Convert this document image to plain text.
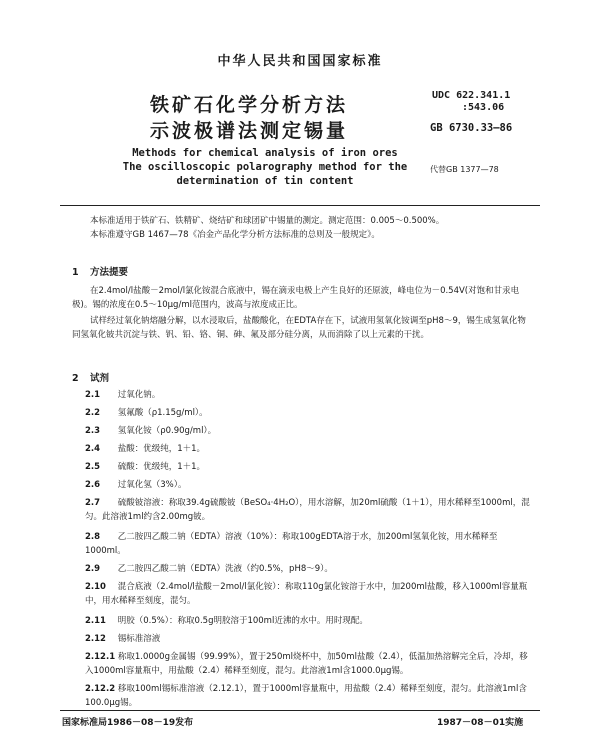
中华人民共和国国家标准
铁矿石化学分析方法
示波极谱法测定锡量
UDC 622.341.1
:543.06
GB 6730.33—86
Methods for chemical analysis of iron ores
The oscilloscopic polarography method for the
determination of tin content
代替GB 1377—78
本标准适用于铁矿石、铁精矿、烧结矿和球团矿中锡量的测定。测定范围：0.005～0.500%。
本标准遵守GB 1467—78《冶金产品化学分析方法标准的总则及一般规定》。
1 方法提要
在2.4mol/l盐酸－2mol/l氯化铵混合底液中，锡在滴汞电极上产生良好的还原波，峰电位为－0.54V(对饱和甘汞电极)。锡的浓度在0.5～10μg/ml范围内，波高与浓度成正比。
试样经过氧化钠熔融分解，以水浸取后，盐酸酸化，在EDTA存在下，试液用氢氧化铵调至pH8～9，锡生成氢氧化物同氢氧化铍共沉淀与铁、钒、铅、铬、铜、砷、氟及部分硅分离，从而消除了以上元素的干扰。
2 试剂
2.1 过氧化钠。
2.2 氢氟酸（ρ1.15g/ml）。
2.3 氢氧化铵（ρ0.90g/ml）。
2.4 盐酸：优级纯，1＋1。
2.5 硫酸：优级纯，1＋1。
2.6 过氧化氢（3%）。
2.7 硫酸铍溶液：称取39.4g硫酸铍（BeSO₄·4H₂O），用水溶解，加20ml硫酸（1＋1），用水稀释至1000ml，混匀。此溶液1ml约含2.00mg铍。
2.8 乙二胺四乙酸二钠（EDTA）溶液（10%）：称取100gEDTA溶于水，加200ml氢氧化铵，用水稀释至1000ml。
2.9 乙二胺四乙酸二钠（EDTA）洗液（约0.5%，pH8～9）。
2.10 混合底液（2.4mol/l盐酸－2mol/l氯化铵）：称取110g氯化铵溶于水中，加200ml盐酸，移入1000ml容量瓶中，用水稀释至刻度，混匀。
2.11 明胶（0.5%）：称取0.5g明胶溶于100ml近沸的水中。用时现配。
2.12 锡标准溶液
2.12.1 称取1.0000g金属锡（99.99%），置于250ml烧杯中，加50ml盐酸（2.4），低温加热溶解完全后，冷却，移入1000ml容量瓶中，用盐酸（2.4）稀释至刻度，混匀。此溶液1ml含1000.0μg锡。
2.12.2 移取100ml锡标准溶液（2.12.1），置于1000ml容量瓶中，用盐酸（2.4）稀释至刻度，混匀。此溶液1ml含100.0μg锡。
国家标准局1986－08－19发布	1987－08－01实施
